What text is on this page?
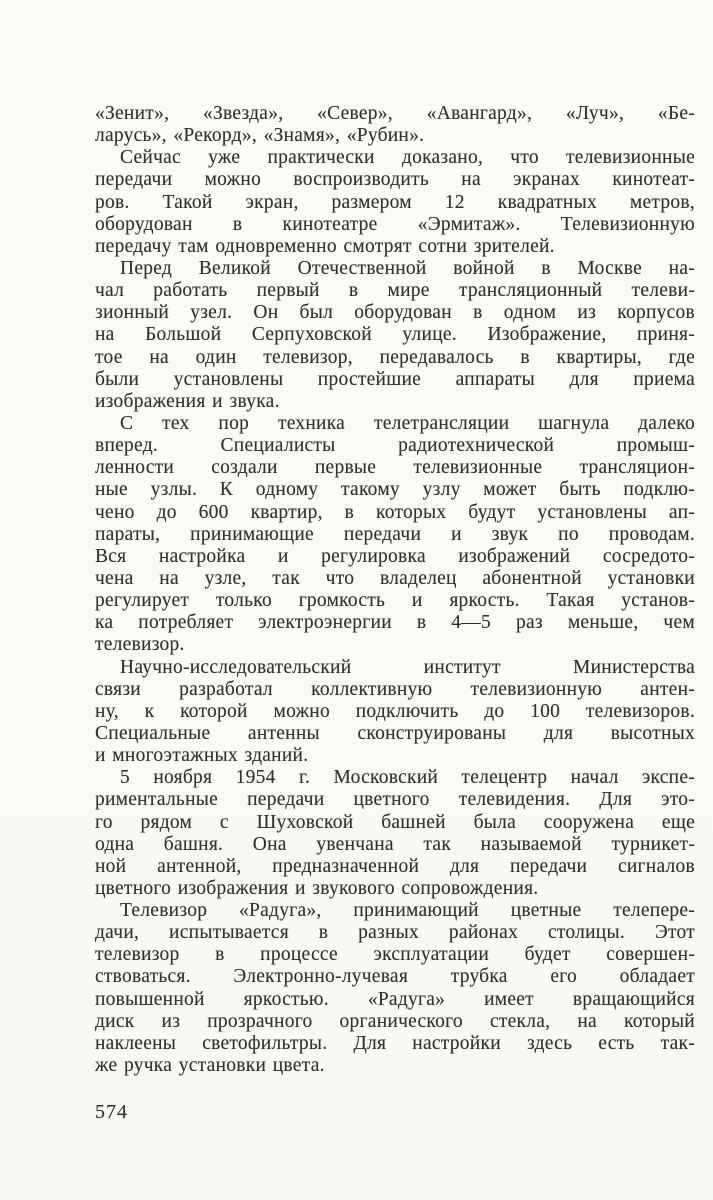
«Зенит», «Звезда», «Север», «Авангард», «Луч», «Бе-
ларусь», «Рекорд», «Знамя», «Рубин».
Сейчас уже практически доказано, что телевизионные
передачи можно воспроизводить на экранах кинотеат-
ров. Такой экран, размером 12 квадратных метров,
оборудован в кинотеатре «Эрмитаж». Телевизионную
передачу там одновременно смотрят сотни зрителей.
Перед Великой Отечественной войной в Москве на-
чал работать первый в мире трансляционный телеви-
зионный узел. Он был оборудован в одном из корпусов
на Большой Серпуховской улице. Изображение, приня-
тое на один телевизор, передавалось в квартиры, где
были установлены простейшие аппараты для приема
изображения и звука.
С тех пор техника телетрансляции шагнула далеко
вперед. Специалисты радиотехнической промыш-
ленности создали первые телевизионные трансляцион-
ные узлы. К одному такому узлу может быть подклю-
чено до 600 квартир, в которых будут установлены ап-
параты, принимающие передачи и звук по проводам.
Вся настройка и регулировка изображений сосредото-
чена на узле, так что владелец абонентной установки
регулирует только громкость и яркость. Такая установ-
ка потребляет электроэнергии в 4—5 раз меньше, чем
телевизор.
Научно-исследовательский институт Министерства
связи разработал коллективную телевизионную антен-
ну, к которой можно подключить до 100 телевизоров.
Специальные антенны сконструированы для высотных
и многоэтажных зданий.
5 ноября 1954 г. Московский телецентр начал экспе-
риментальные передачи цветного телевидения. Для это-
го рядом с Шуховской башней была сооружена еще
одна башня. Она увенчана так называемой турникет-
ной антенной, предназначенной для передачи сигналов
цветного изображения и звукового сопровождения.
Телевизор «Радуга», принимающий цветные телепере-
дачи, испытывается в разных районах столицы. Этот
телевизор в процессе эксплуатации будет совершен-
ствоваться. Электронно-лучевая трубка его обладает
повышенной яркостью. «Радуга» имеет вращающийся
диск из прозрачного органического стекла, на который
наклеены светофильтры. Для настройки здесь есть так-
же ручка установки цвета.
574
